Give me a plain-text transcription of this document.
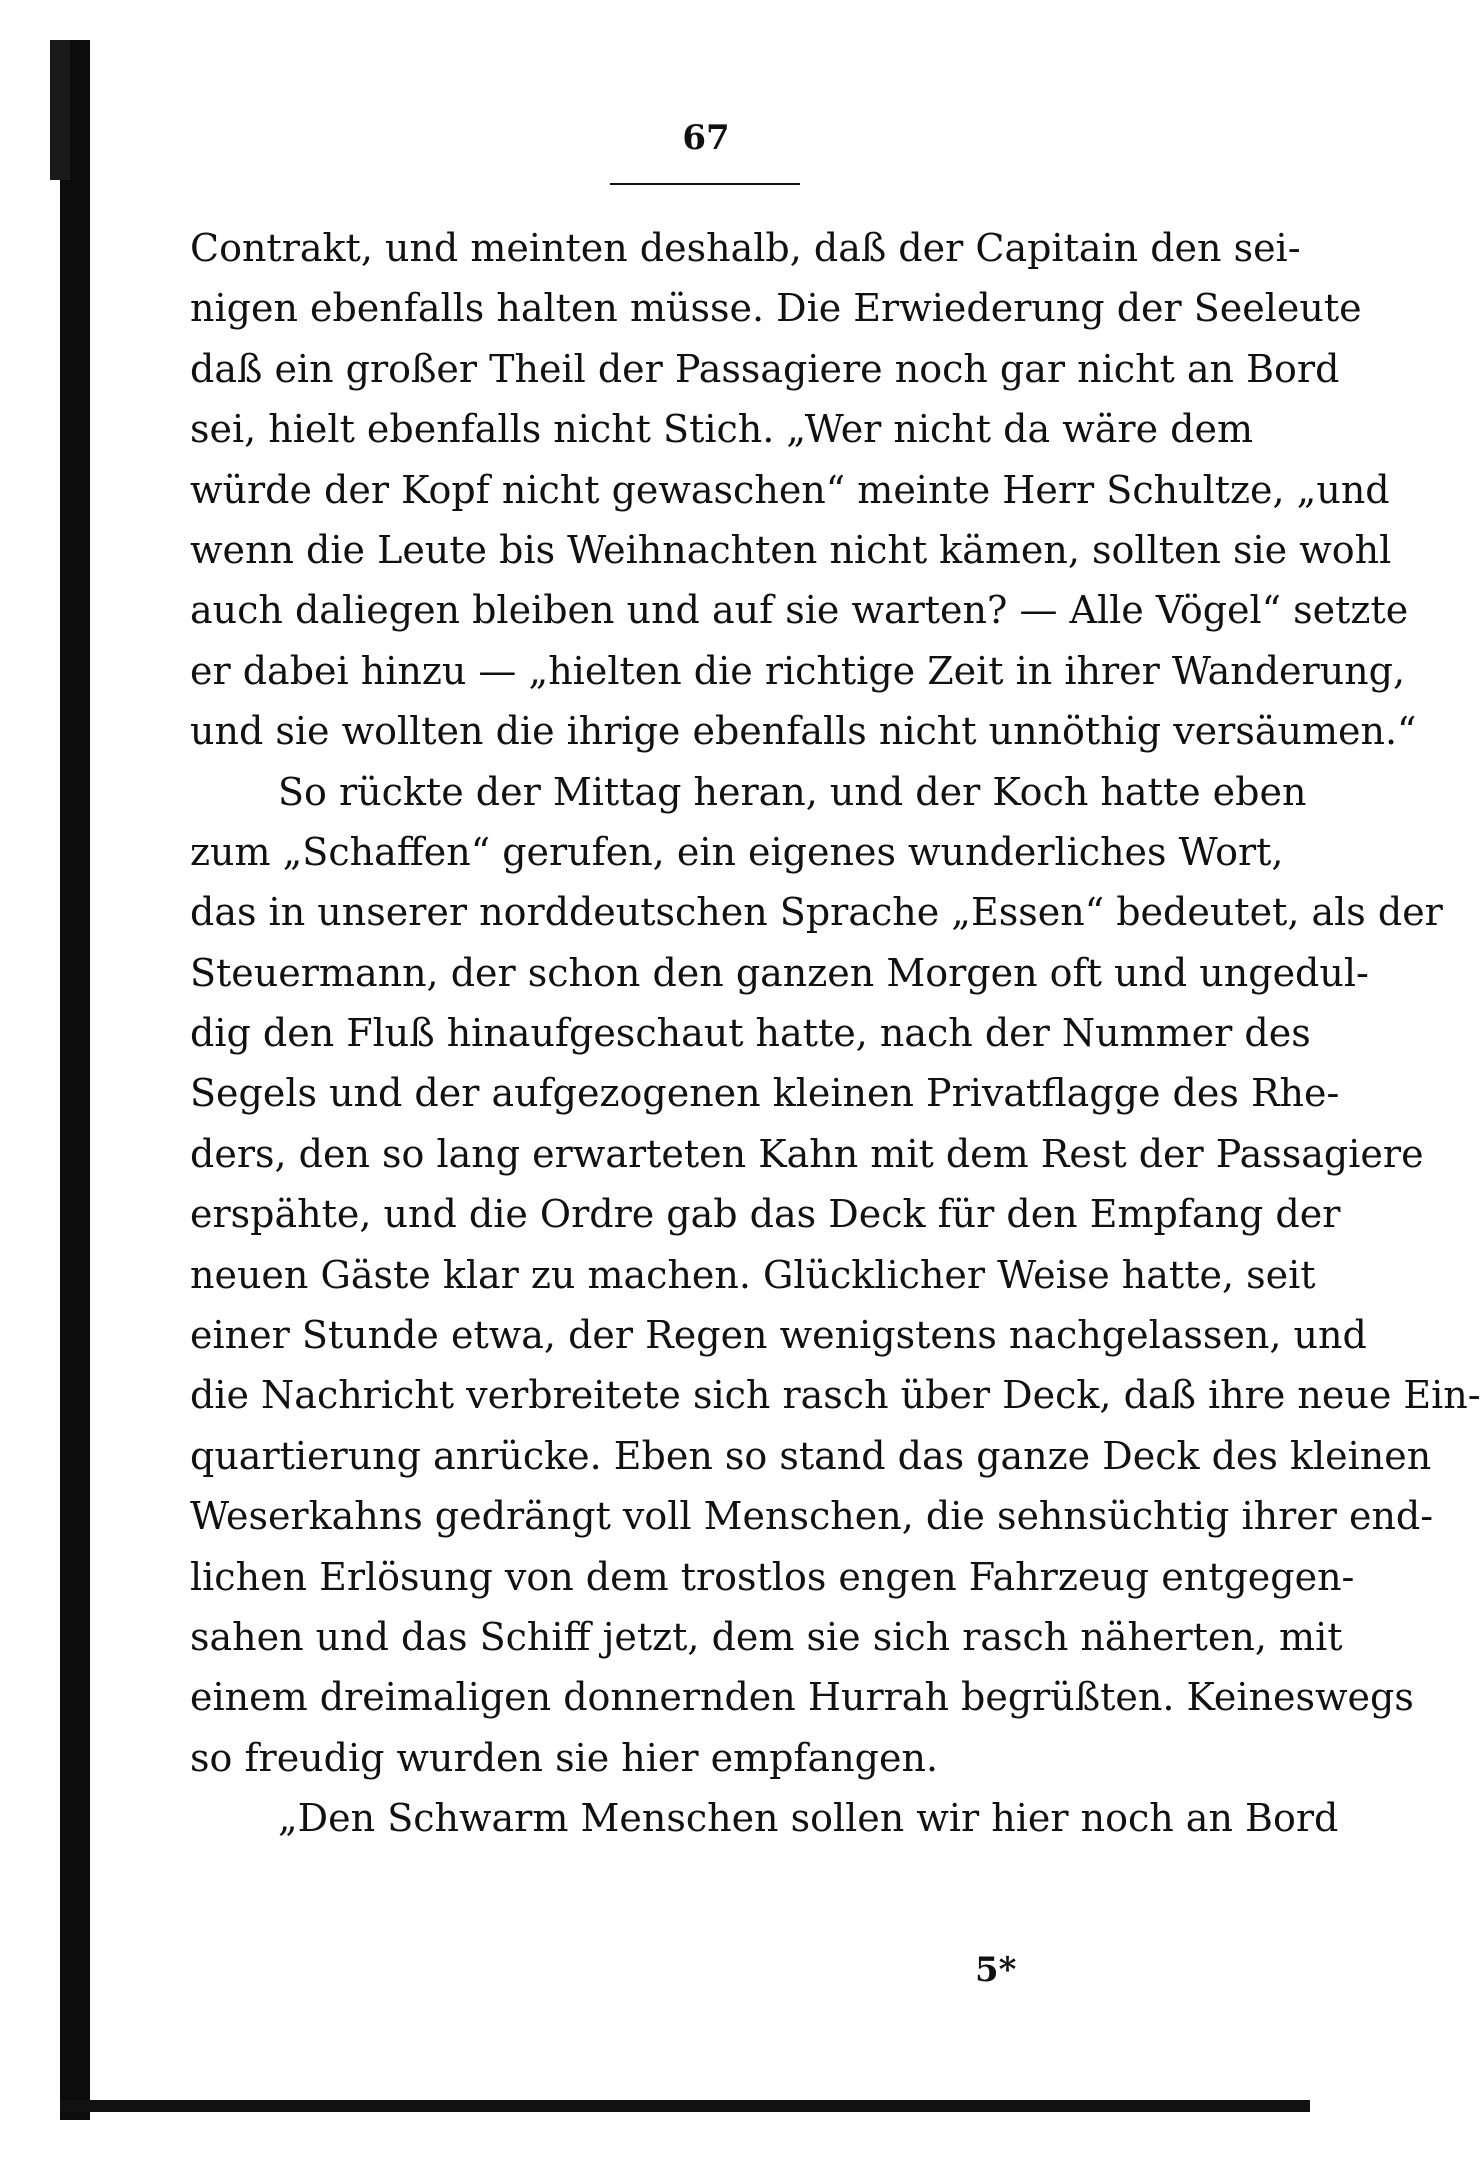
67
Contrakt, und meinten deshalb, daß der Capitain den sei-
nigen ebenfalls halten müsse. Die Erwiederung der Seeleute
daß ein großer Theil der Passagiere noch gar nicht an Bord
sei, hielt ebenfalls nicht Stich. „Wer nicht da wäre dem
würde der Kopf nicht gewaschen“ meinte Herr Schultze, „und
wenn die Leute bis Weihnachten nicht kämen, sollten sie wohl
auch daliegen bleiben und auf sie warten? — Alle Vögel“ setzte
er dabei hinzu — „hielten die richtige Zeit in ihrer Wanderung,
und sie wollten die ihrige ebenfalls nicht unnöthig versäumen.“
So rückte der Mittag heran, und der Koch hatte eben
zum „Schaffen“ gerufen, ein eigenes wunderliches Wort,
das in unserer norddeutschen Sprache „Essen“ bedeutet, als der
Steuermann, der schon den ganzen Morgen oft und ungedul-
dig den Fluß hinaufgeschaut hatte, nach der Nummer des
Segels und der aufgezogenen kleinen Privatflagge des Rhe-
ders, den so lang erwarteten Kahn mit dem Rest der Passagiere
erspähte, und die Ordre gab das Deck für den Empfang der
neuen Gäste klar zu machen. Glücklicher Weise hatte, seit
einer Stunde etwa, der Regen wenigstens nachgelassen, und
die Nachricht verbreitete sich rasch über Deck, daß ihre neue Ein-
quartierung anrücke. Eben so stand das ganze Deck des kleinen
Weserkahns gedrängt voll Menschen, die sehnsüchtig ihrer end-
lichen Erlösung von dem trostlos engen Fahrzeug entgegen-
sahen und das Schiff jetzt, dem sie sich rasch näherten, mit
einem dreimaligen donnernden Hurrah begrüßten. Keineswegs
so freudig wurden sie hier empfangen.
„Den Schwarm Menschen sollen wir hier noch an Bord
5*
